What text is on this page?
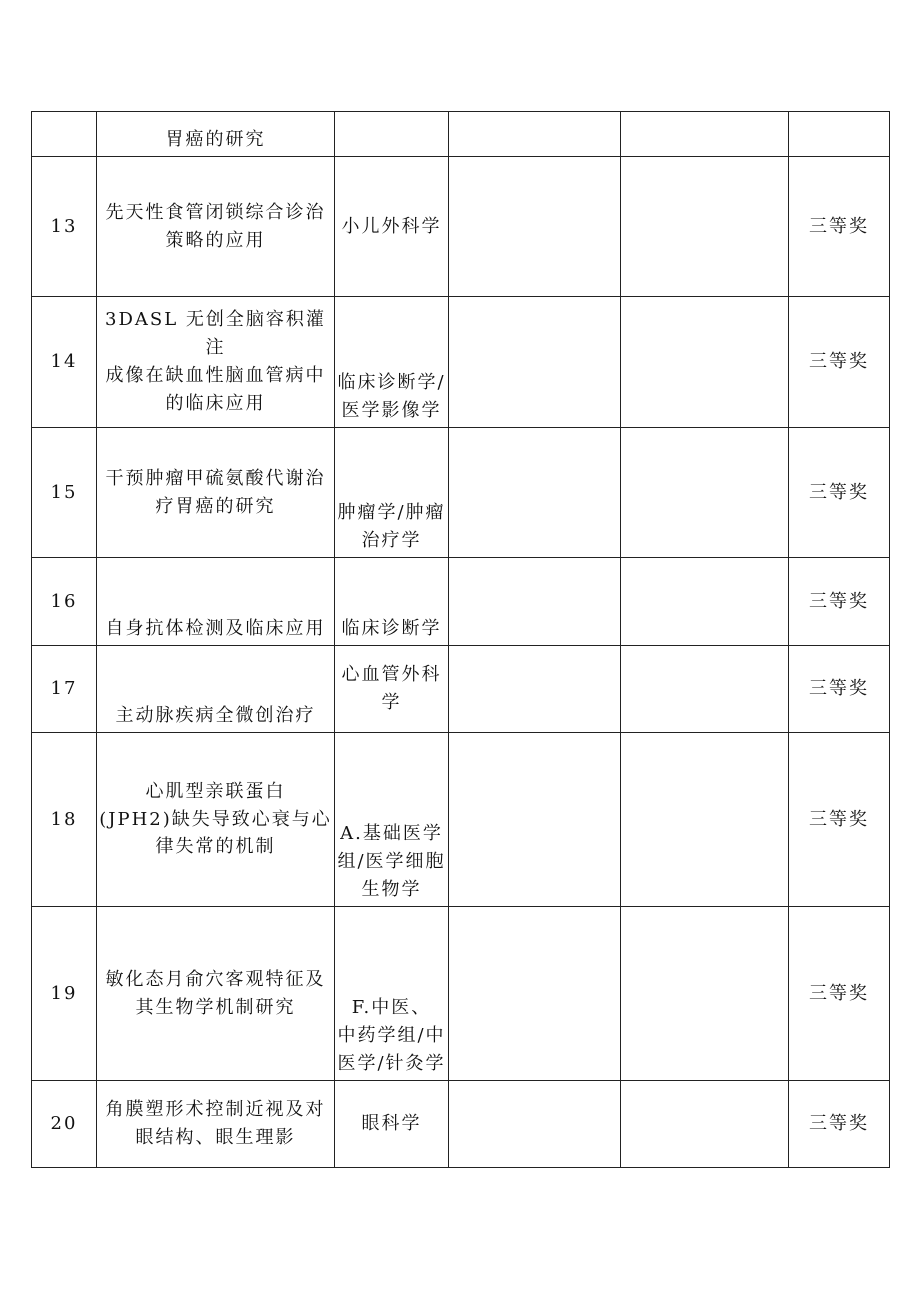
	胃癌的研究				

13	先天性食管闭锁综合诊治
策略的应用	小儿外科学			三等奖
14	3DASL 无创全脑容积灌注
成像在缺血性脑血管病中
的临床应用	临床诊断学/
医学影像学			三等奖
15	干预肿瘤甲硫氨酸代谢治
疗胃癌的研究	肿瘤学/肿瘤
治疗学			三等奖
16	自身抗体检测及临床应用	临床诊断学			三等奖
17	主动脉疾病全微创治疗	心血管外科
学			三等奖
18	心肌型亲联蛋白
(JPH2)缺失导致心衰与心
律失常的机制	A.基础医学
组/医学细胞
生物学			三等奖
19	敏化态月俞穴客观特征及
其生物学机制研究	F.中医、
中药学组/中
医学/针灸学			三等奖
20	角膜塑形术控制近视及对
眼结构、眼生理影	眼科学			三等奖
